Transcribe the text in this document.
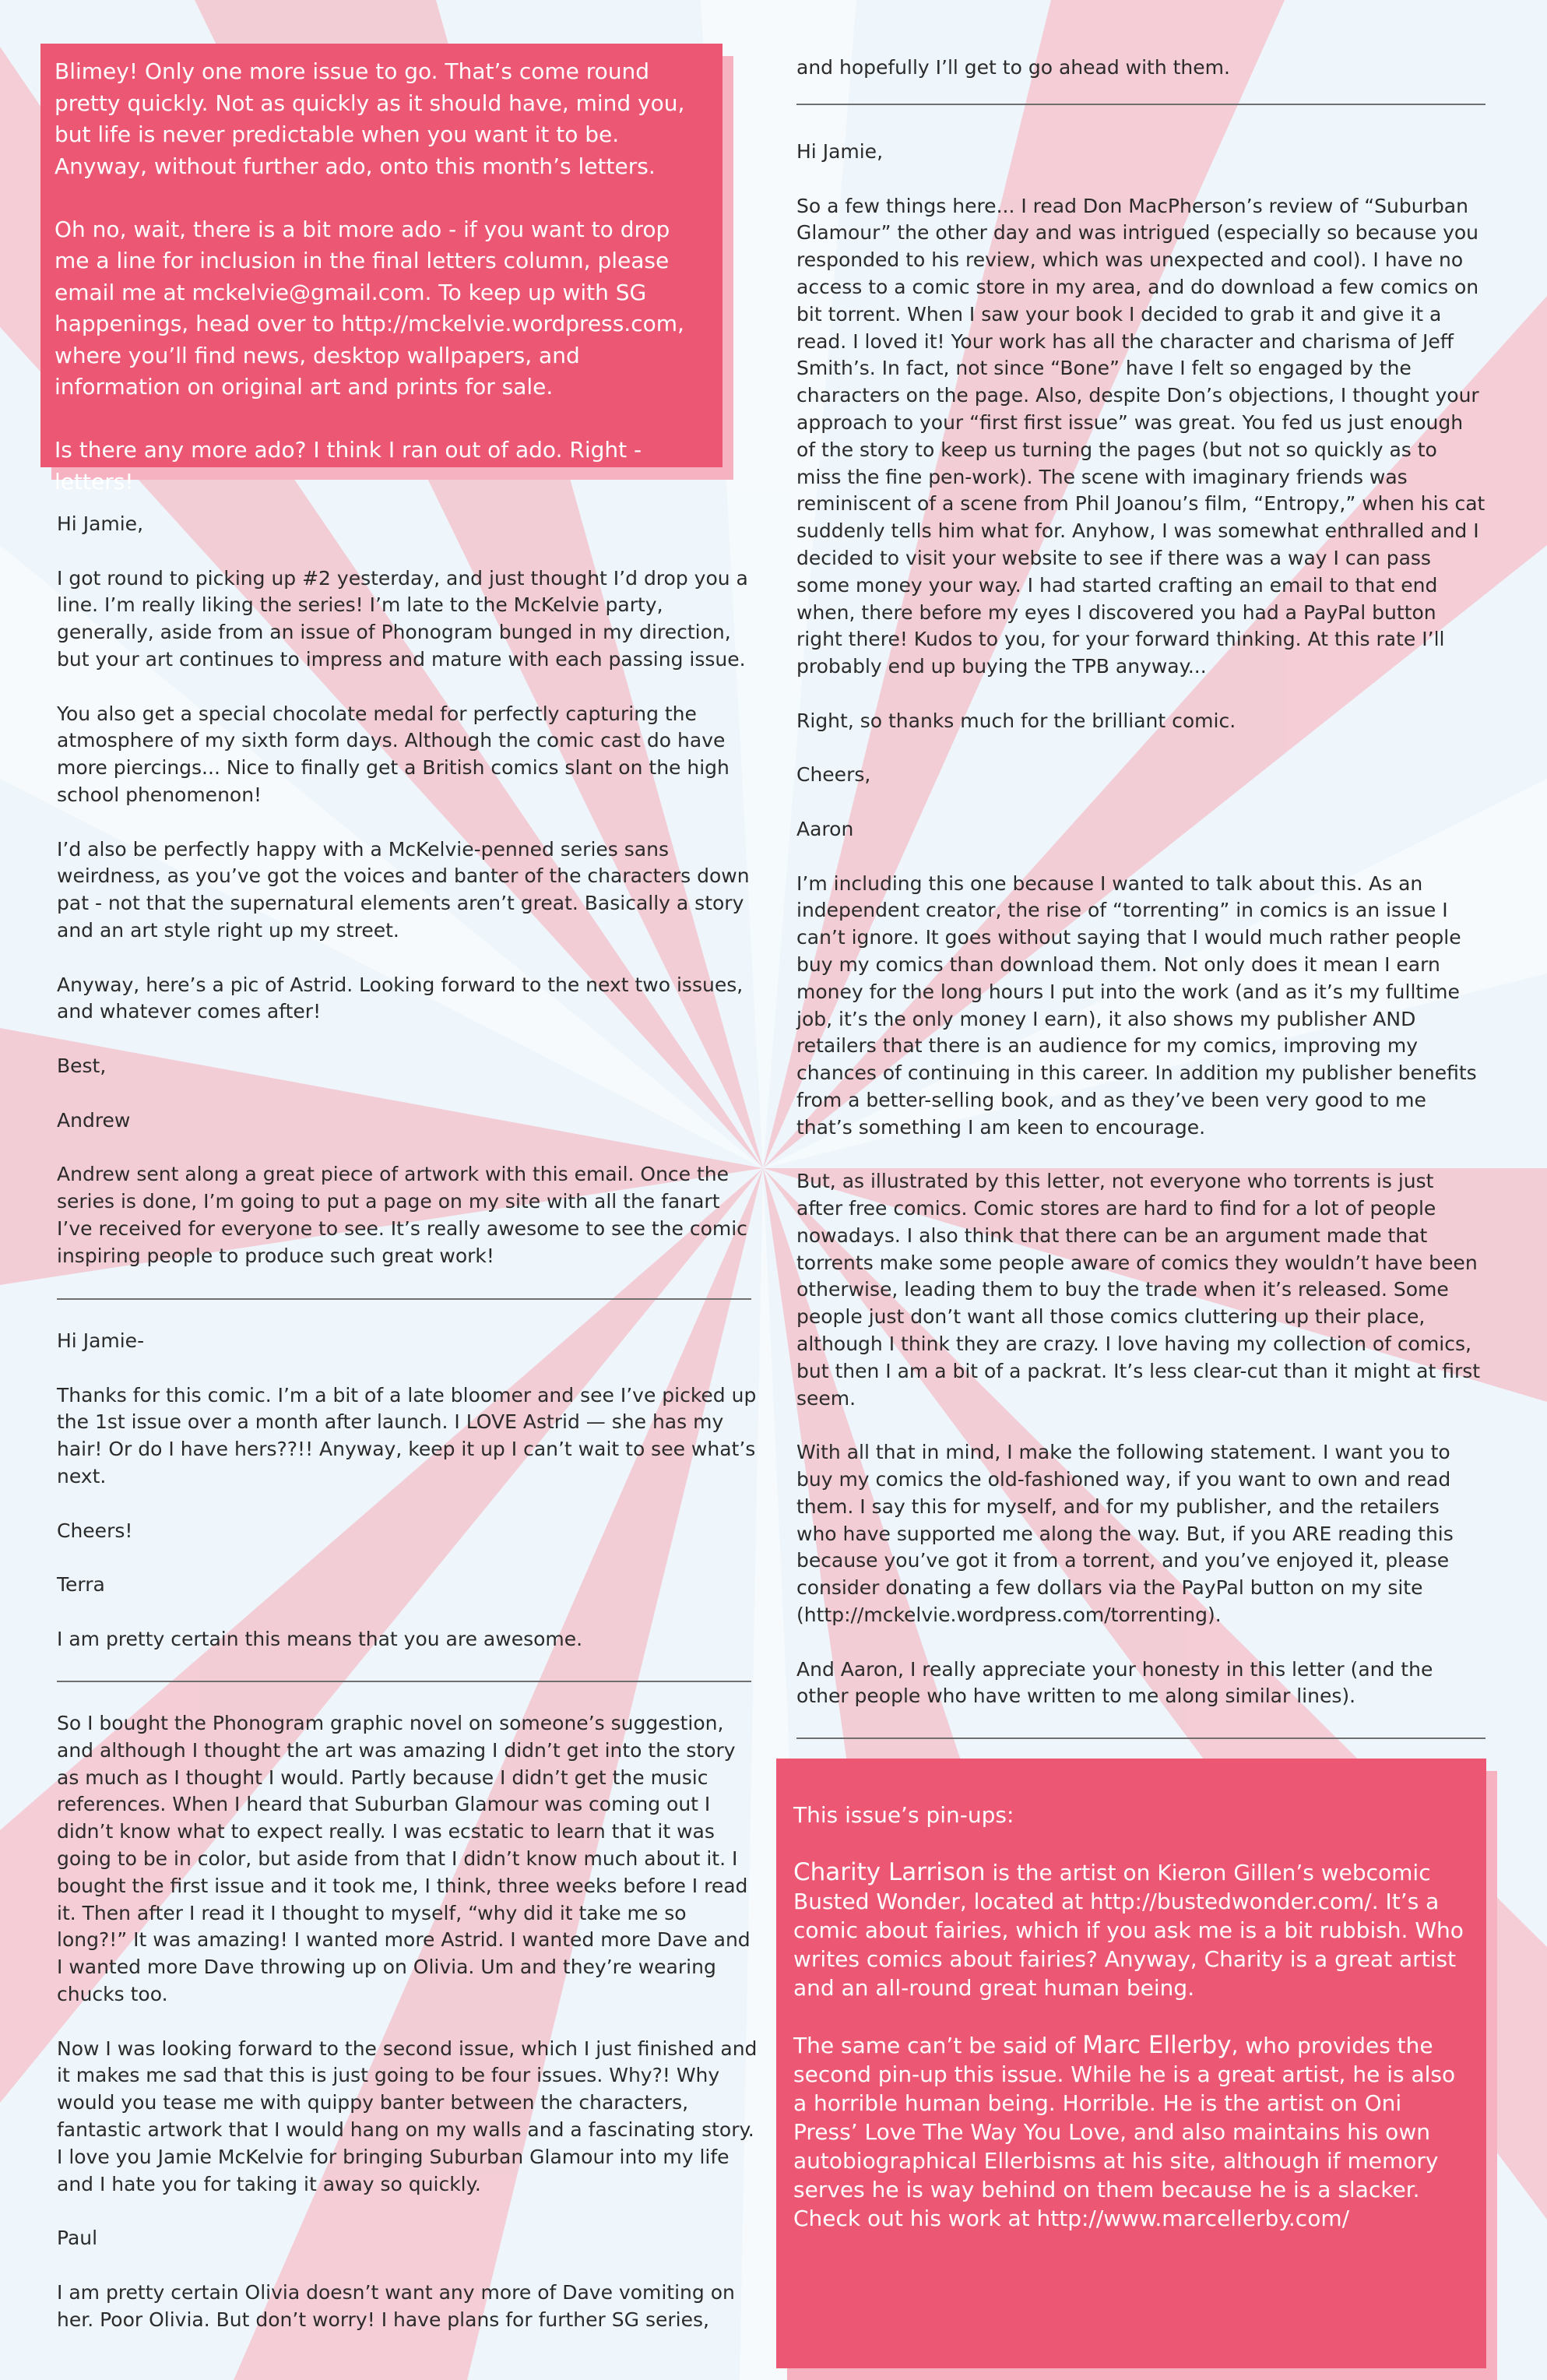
Blimey! Only one more issue to go. That’s come round pretty quickly. Not as quickly as it should have, mind you, but life is never predictable when you want it to be. Anyway, without further ado, onto this month’s letters.

Oh no, wait, there is a bit more ado - if you want to drop me a line for inclusion in the final letters column, please email me at mckelvie@gmail.com. To keep up with SG happenings, head over to http://mckelvie.wordpress.com, where you’ll find news, desktop wallpapers, and information on original art and prints for sale.

Is there any more ado? I think I ran out of ado. Right - letters!

Hi Jamie,

I got round to picking up #2 yesterday, and just thought I’d drop you a line. I’m really liking the series! I’m late to the McKelvie party, generally, aside from an issue of Phonogram bunged in my direction, but your art continues to impress and mature with each passing issue.

You also get a special chocolate medal for perfectly capturing the atmosphere of my sixth form days. Although the comic cast do have more piercings... Nice to finally get a British comics slant on the high school phenomenon!

I’d also be perfectly happy with a McKelvie-penned series sans weirdness, as you’ve got the voices and banter of the characters down pat - not that the supernatural elements aren’t great. Basically a story and an art style right up my street.

Anyway, here’s a pic of Astrid. Looking forward to the next two issues, and whatever comes after!

Best,

Andrew

Andrew sent along a great piece of artwork with this email. Once the series is done, I’m going to put a page on my site with all the fanart I’ve received for everyone to see. It’s really awesome to see the comic inspiring people to produce such great work!

Hi Jamie-

Thanks for this comic. I’m a bit of a late bloomer and see I’ve picked up the 1st issue over a month after launch. I LOVE Astrid — she has my hair! Or do I have hers??!! Anyway, keep it up I can’t wait to see what’s next.

Cheers!

Terra

I am pretty certain this means that you are awesome.

So I bought the Phonogram graphic novel on someone’s suggestion, and although I thought the art was amazing I didn’t get into the story as much as I thought I would. Partly because I didn’t get the music references. When I heard that Suburban Glamour was coming out I didn’t know what to expect really. I was ecstatic to learn that it was going to be in color, but aside from that I didn’t know much about it. I bought the first issue and it took me, I think, three weeks before I read it. Then after I read it I thought to myself, “why did it take me so long?!” It was amazing! I wanted more Astrid. I wanted more Dave and I wanted more Dave throwing up on Olivia. Um and they’re wearing chucks too.

Now I was looking forward to the second issue, which I just finished and it makes me sad that this is just going to be four issues. Why?! Why would you tease me with quippy banter between the characters, fantastic artwork that I would hang on my walls and a fascinating story. I love you Jamie McKelvie for bringing Suburban Glamour into my life and I hate you for taking it away so quickly.

Paul

I am pretty certain Olivia doesn’t want any more of Dave vomiting on her. Poor Olivia. But don’t worry! I have plans for further SG series,

and hopefully I’ll get to go ahead with them.

Hi Jamie,

So a few things here... I read Don MacPherson’s review of “Suburban Glamour” the other day and was intrigued (especially so because you responded to his review, which was unexpected and cool). I have no access to a comic store in my area, and do download a few comics on bit torrent. When I saw your book I decided to grab it and give it a read. I loved it! Your work has all the character and charisma of Jeff Smith’s. In fact, not since “Bone” have I felt so engaged by the characters on the page. Also, despite Don’s objections, I thought your approach to your “first first issue” was great. You fed us just enough of the story to keep us turning the pages (but not so quickly as to miss the fine pen-work). The scene with imaginary friends was reminiscent of a scene from Phil Joanou’s film, “Entropy,” when his cat suddenly tells him what for. Anyhow, I was somewhat enthralled and I decided to visit your website to see if there was a way I can pass some money your way. I had started crafting an email to that end when, there before my eyes I discovered you had a PayPal button right there! Kudos to you, for your forward thinking. At this rate I’ll probably end up buying the TPB anyway...

Right, so thanks much for the brilliant comic.

Cheers,

Aaron

I’m including this one because I wanted to talk about this. As an independent creator, the rise of “torrenting” in comics is an issue I can’t ignore. It goes without saying that I would much rather people buy my comics than download them. Not only does it mean I earn money for the long hours I put into the work (and as it’s my fulltime job, it’s the only money I earn), it also shows my publisher AND retailers that there is an audience for my comics, improving my chances of continuing in this career. In addition my publisher benefits from a better-selling book, and as they’ve been very good to me that’s something I am keen to encourage.

But, as illustrated by this letter, not everyone who torrents is just after free comics. Comic stores are hard to find for a lot of people nowadays. I also think that there can be an argument made that torrents make some people aware of comics they wouldn’t have been otherwise, leading them to buy the trade when it’s released. Some people just don’t want all those comics cluttering up their place, although I think they are crazy. I love having my collection of comics, but then I am a bit of a packrat. It’s less clear-cut than it might at first seem.

With all that in mind, I make the following statement. I want you to buy my comics the old-fashioned way, if you want to own and read them. I say this for myself, and for my publisher, and the retailers who have supported me along the way. But, if you ARE reading this because you’ve got it from a torrent, and you’ve enjoyed it, please consider donating a few dollars via the PayPal button on my site (http://mckelvie.wordpress.com/torrenting).

And Aaron, I really appreciate your honesty in this letter (and the other people who have written to me along similar lines).

This issue’s pin-ups:

Charity Larrison is the artist on Kieron Gillen’s webcomic Busted Wonder, located at http://bustedwonder.com/. It’s a comic about fairies, which if you ask me is a bit rubbish. Who writes comics about fairies? Anyway, Charity is a great artist and an all-round great human being.

The same can’t be said of Marc Ellerby, who provides the second pin-up this issue. While he is a great artist, he is also a horrible human being. Horrible. He is the artist on Oni Press’ Love The Way You Love, and also maintains his own autobiographical Ellerbisms at his site, although if memory serves he is way behind on them because he is a slacker. Check out his work at http://www.marcellerby.com/
